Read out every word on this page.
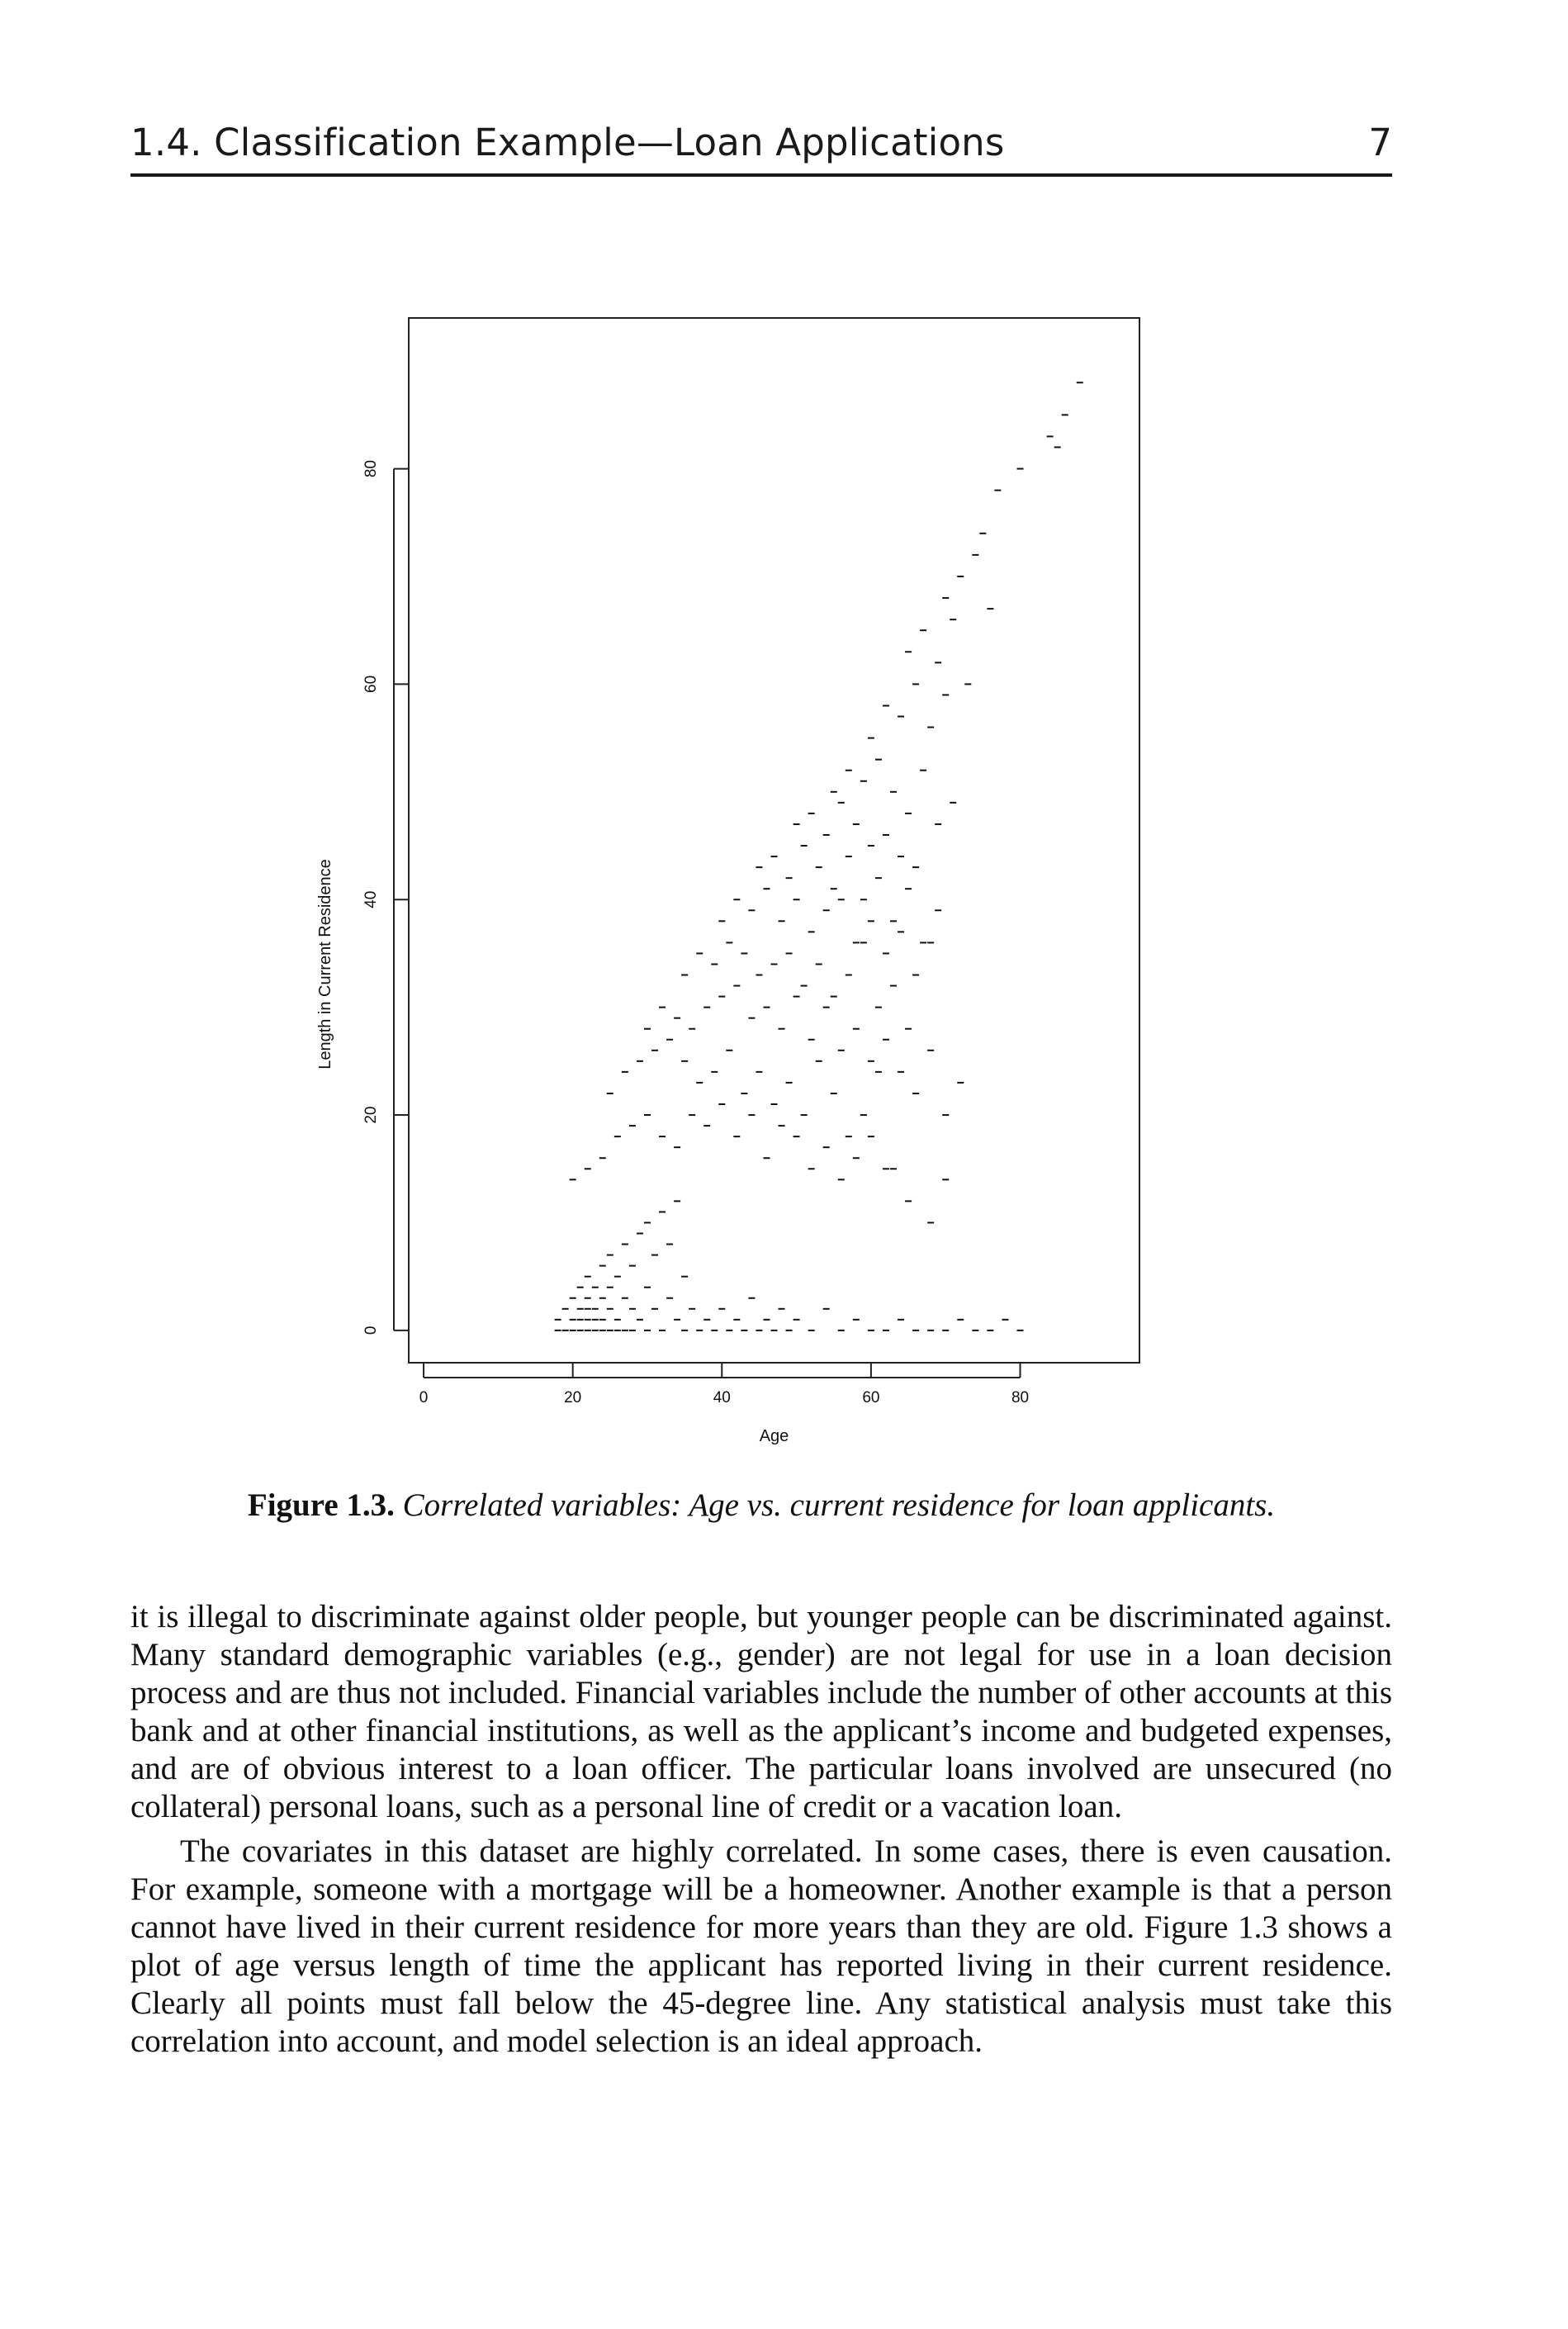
1.4. Classification Example—Loan Applications	7
0	20	40	60	80
0
20
40
60
80
Age
Length in Current Residence
Figure 1.3. Correlated variables: Age vs. current residence for loan applicants.

it is illegal to discriminate against older people, but younger people can be discriminated against. Many standard demographic variables (e.g., gender) are not legal for use in a loan decision process and are thus not included. Financial variables include the number of other accounts at this bank and at other financial institutions, as well as the applicant’s income and budgeted expenses, and are of obvious interest to a loan officer. The particular loans involved are unsecured (no collateral) personal loans, such as a personal line of credit or a vacation loan.

The covariates in this dataset are highly correlated. In some cases, there is even causation. For example, someone with a mortgage will be a homeowner. Another example is that a person cannot have lived in their current residence for more years than they are old. Figure 1.3 shows a plot of age versus length of time the applicant has reported living in their current residence. Clearly all points must fall below the 45-degree line. Any statistical analysis must take this correlation into account, and model selection is an ideal approach.
